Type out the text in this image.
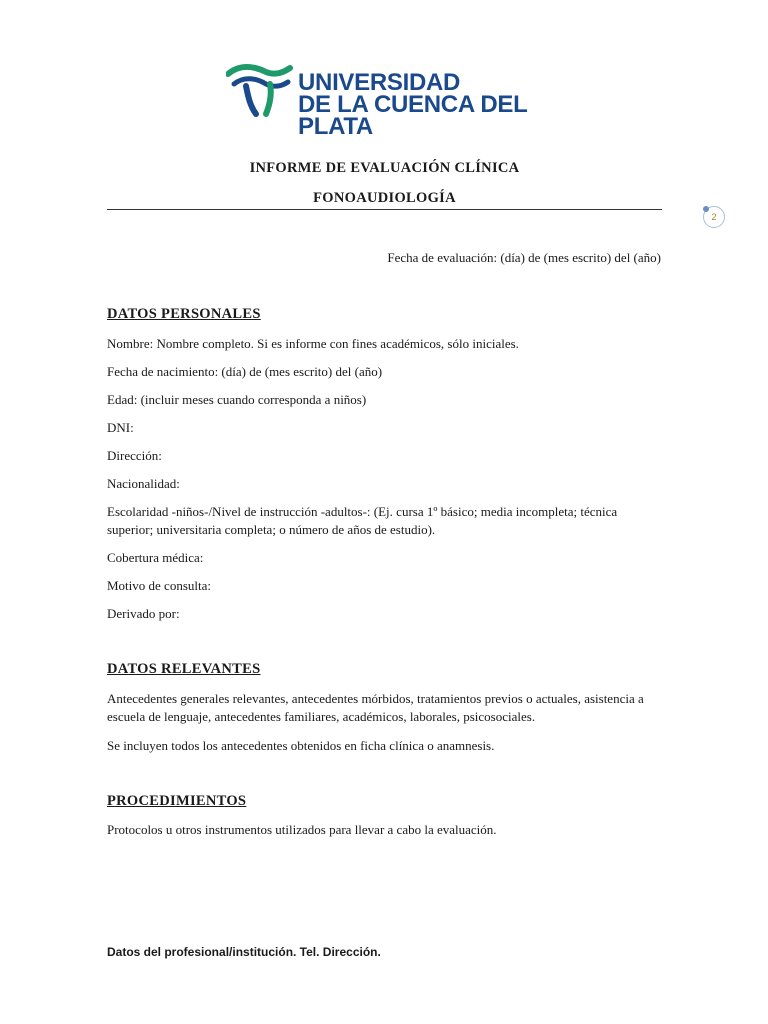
UNIVERSIDAD
DE LA CUENCA DEL PLATA
INFORME DE EVALUACIÓN CLÍNICA
FONOAUDIOLOGÍA
2
Fecha de evaluación: (día) de (mes escrito) del (año)
DATOS PERSONALES
Nombre: Nombre completo. Si es informe con fines académicos, sólo iniciales.
Fecha de nacimiento: (día) de (mes escrito) del (año)
Edad: (incluir meses cuando corresponda a niños)
DNI:
Dirección:
Nacionalidad:
Escolaridad -niños-/Nivel de instrucción -adultos-: (Ej. cursa 1º básico; media incompleta; técnica superior; universitaria completa; o número de años de estudio).
Cobertura médica:
Motivo de consulta:
Derivado por:
DATOS RELEVANTES
Antecedentes generales relevantes, antecedentes mórbidos, tratamientos previos o actuales, asistencia a escuela de lenguaje, antecedentes familiares, académicos, laborales, psicosociales.
Se incluyen todos los antecedentes obtenidos en ficha clínica o anamnesis.
PROCEDIMIENTOS
Protocolos u otros instrumentos utilizados para llevar a cabo la evaluación.
Datos del profesional/institución. Tel. Dirección.
